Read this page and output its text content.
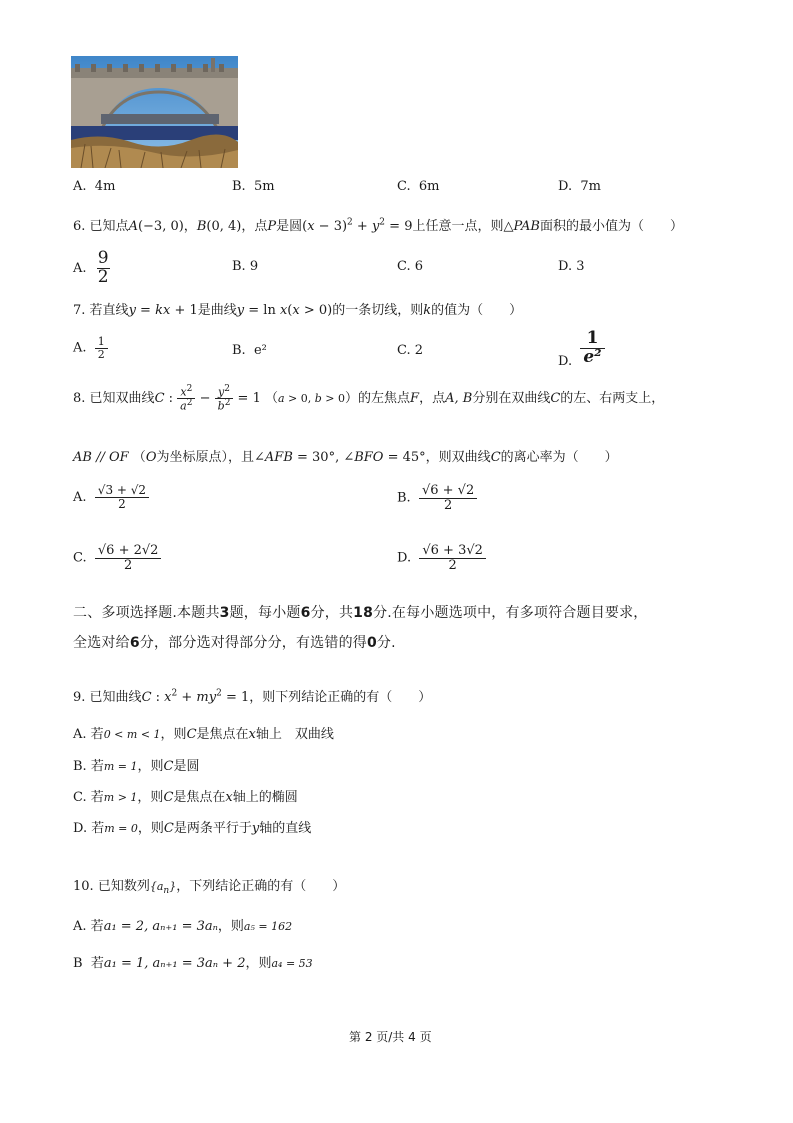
A. 4m	B. 5m	C. 6m	D. 7m
6. 已知点A(−3, 0)，B(0, 4)，点P是圆$(x - 3)^2 + y^2 = 9$上任意一点，则△PAB面积的最小值为（　　）
A. $\frac{9}{2}$	B. 9	C. 6	D. 3
7. 若直线y = kx + 1是曲线y = ln x(x > 0)的一条切线，则k的值为（　　）
A. $\frac{1}{2}$	B. e²	C. 2
D. $\frac{1}{\text{e²}}$
8. 已知双曲线C : $\frac{x^2}{a^2} - \frac{y^2}{b^2} = 1$ （a > 0, b > 0）的左焦点F，点A, B分别在双曲线C的左、右两支上，
AB // OF （O为坐标原点），且∠AFB = 30°, ∠BFO = 45°，则双曲线C的离心率为（　　）
A. $\frac{√3 + √2}{2}$	B. $\frac{√6 + √2}{2}$
C. $\frac{√6 + 2√2}{2}$	D. $\frac{√6 + 3√2}{2}$
二、多项选择题.本题共3题，每小题6分，共18分.在每小题选项中，有多项符合题目要求，
全选对给6分，部分选对得部分分，有选错的得0分.
9. 已知曲线C : $x^2 + my^2 = 1$，则下列结论正确的有（　　）
A. 若0 < m < 1，则C是焦点在x轴上　双曲线
B. 若m = 1，则C是圆
C. 若m > 1，则C是焦点在x轴上的椭圆
D. 若m = 0，则C是两条平行于y轴的直线
10. 已知数列$\{a_n\}$，下列结论正确的有（　　）
A. 若a₁ = 2, aₙ₊₁ = 3aₙ，则a₅ = 162
B 若a₁ = 1, aₙ₊₁ = 3aₙ + 2，则a₄ = 53
第 2 页/共 4 页
